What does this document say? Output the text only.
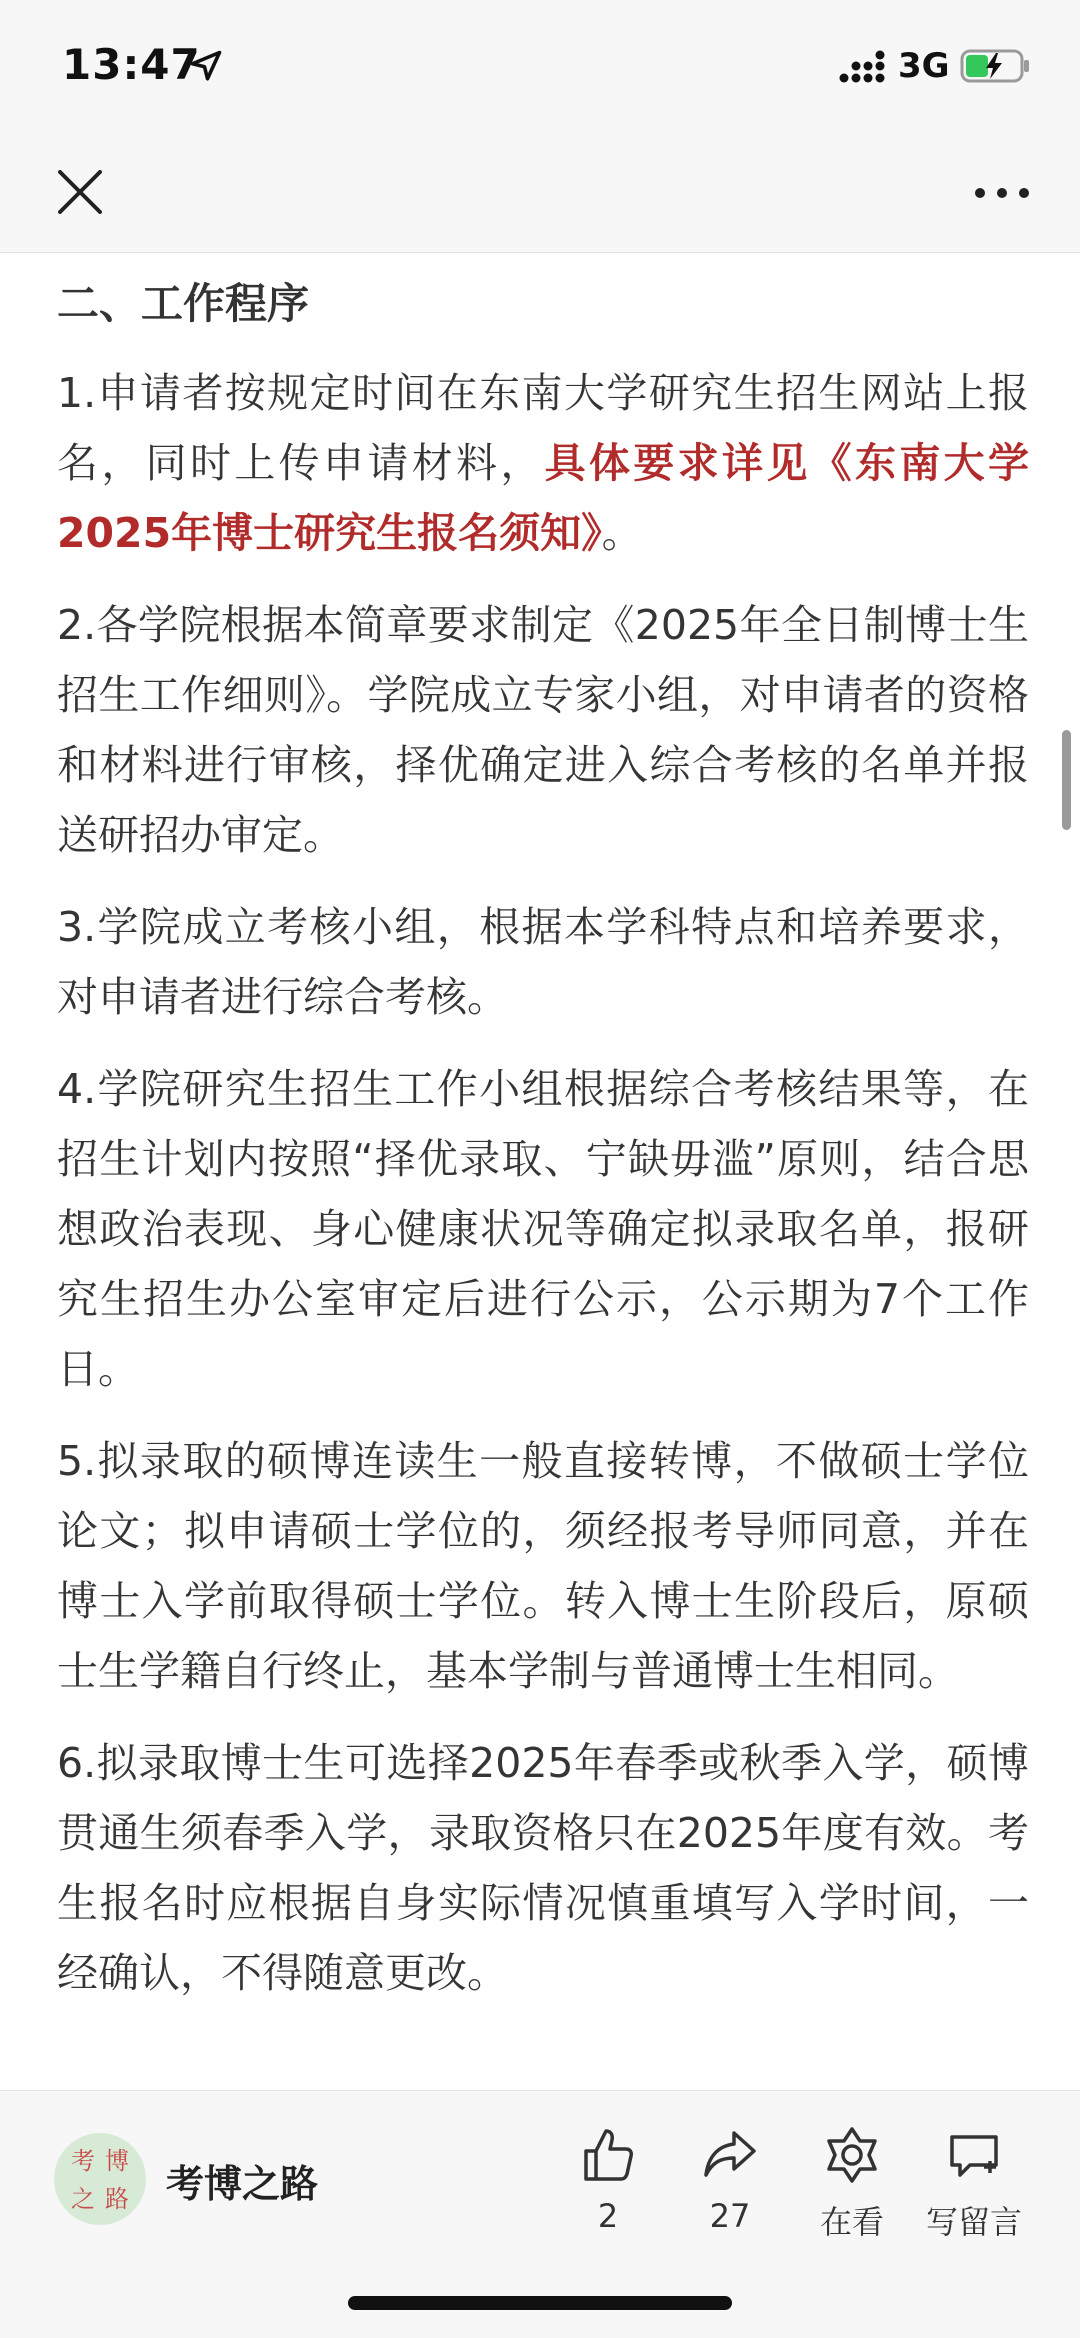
13:47	3G
二、工作程序

1.申请者按规定时间在东南大学研究生招生网站上报名，同时上传申请材料，具体要求详见《东南大学2025年博士研究生报名须知》。

2.各学院根据本简章要求制定《2025年全日制博士生招生工作细则》。学院成立专家小组，对申请者的资格和材料进行审核，择优确定进入综合考核的名单并报送研招办审定。

3.学院成立考核小组，根据本学科特点和培养要求，对申请者进行综合考核。

4.学院研究生招生工作小组根据综合考核结果等，在招生计划内按照“择优录取、宁缺毋滥”原则，结合思想政治表现、身心健康状况等确定拟录取名单，报研究生招生办公室审定后进行公示，公示期为7个工作日。

5.拟录取的硕博连读生一般直接转博，不做硕士学位论文；拟申请硕士学位的，须经报考导师同意，并在博士入学前取得硕士学位。转入博士生阶段后，原硕士生学籍自行终止，基本学制与普通博士生相同。

6.拟录取博士生可选择2025年春季或秋季入学，硕博贯通生须春季入学，录取资格只在2025年度有效。考生报名时应根据自身实际情况慎重填写入学时间，一经确认，不得随意更改。

考 博
之 路 考博之路
2	27	在看	写留言
